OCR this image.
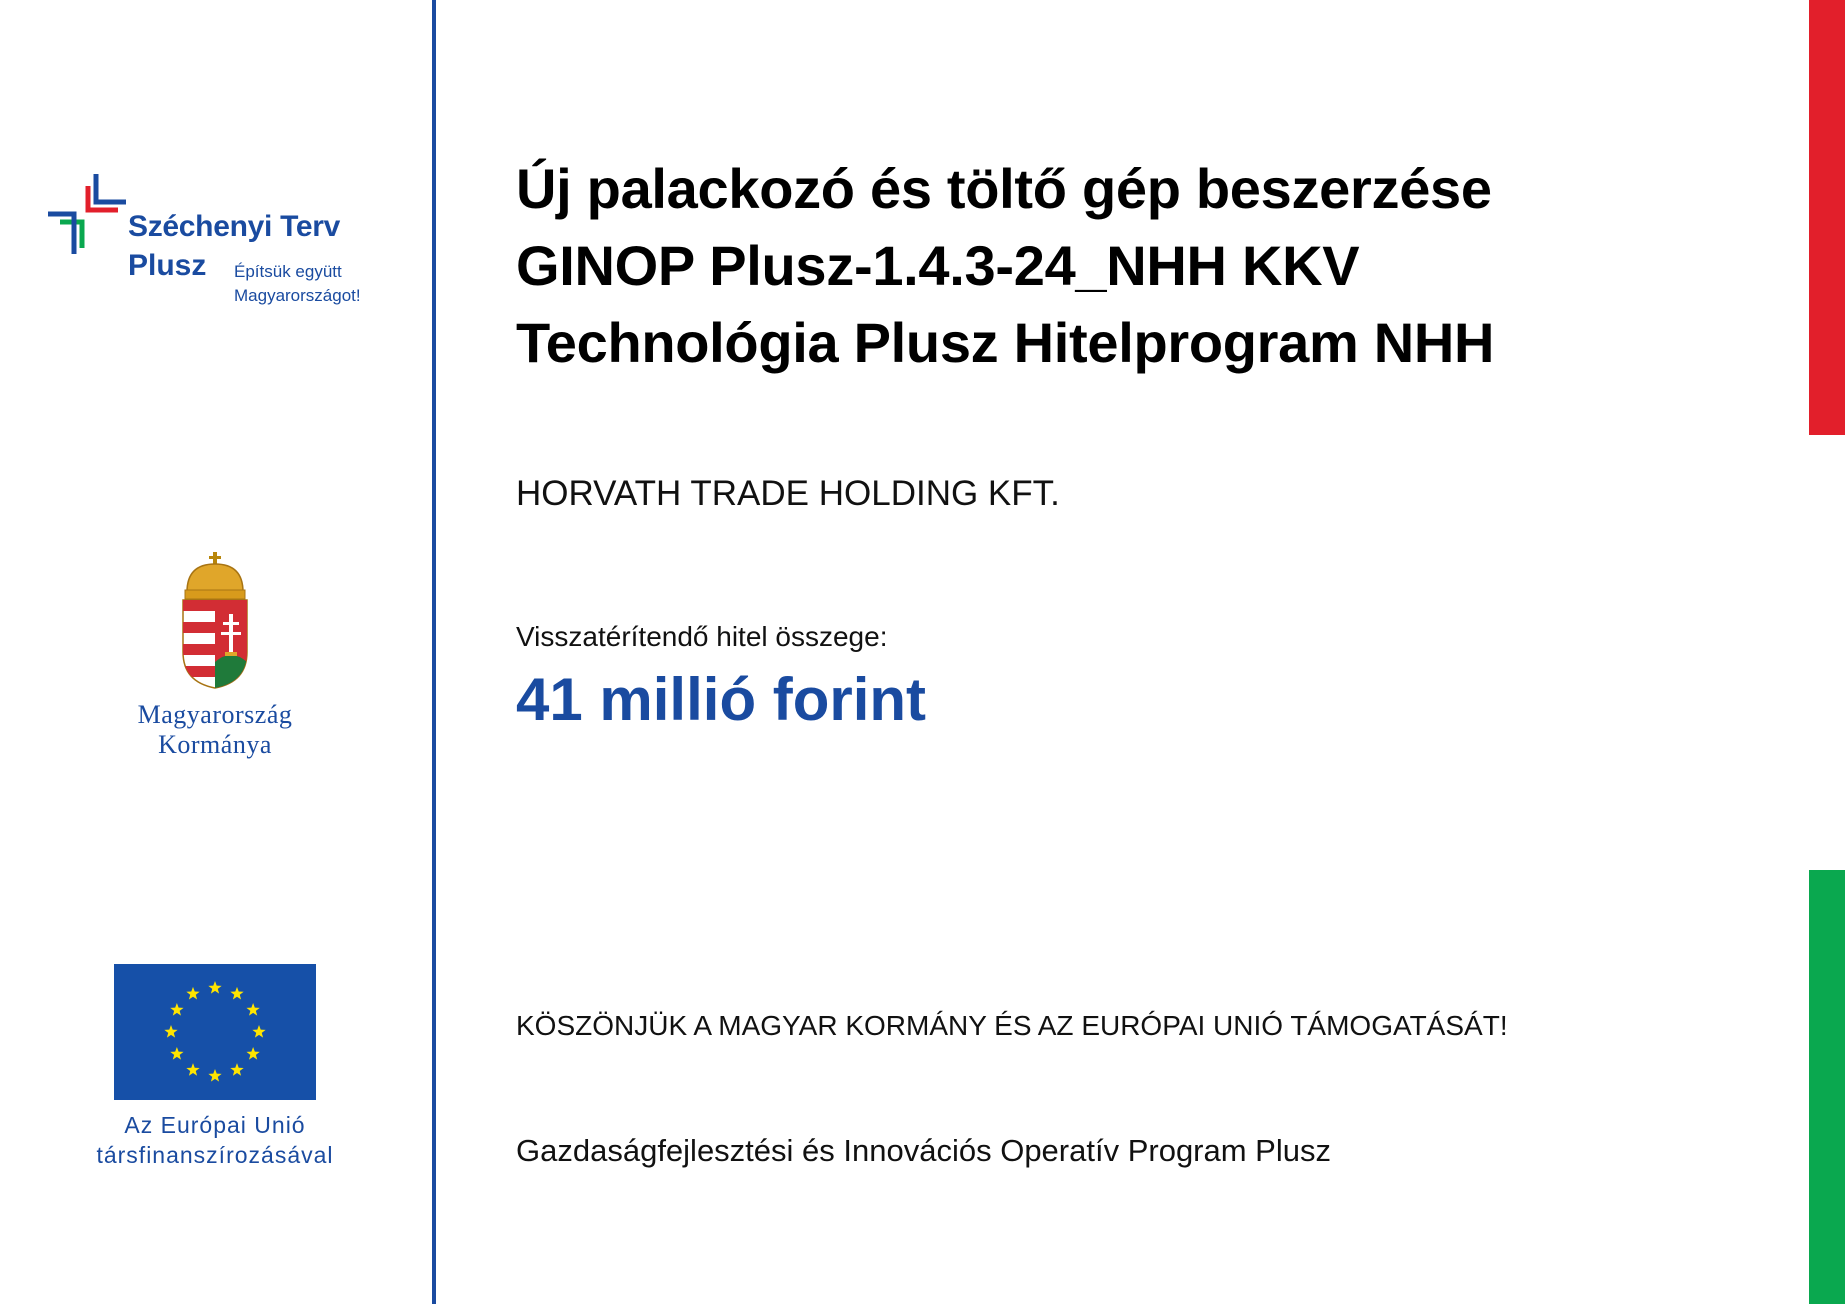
Széchenyi Terv
Plusz Építsük együtt
Magyarországot!
Magyarország
Kormánya
Az Európai Unió
társfinanszírozásával
Új palackozó és töltő gép beszerzése
GINOP Plusz-1.4.3-24_NHH KKV
Technológia Plusz Hitelprogram NHH
HORVATH TRADE HOLDING KFT.
Visszatérítendő hitel összege:
41 millió forint
KÖSZÖNJÜK A MAGYAR KORMÁNY ÉS AZ EURÓPAI UNIÓ TÁMOGATÁSÁT!
Gazdaságfejlesztési és Innovációs Operatív Program Plusz
